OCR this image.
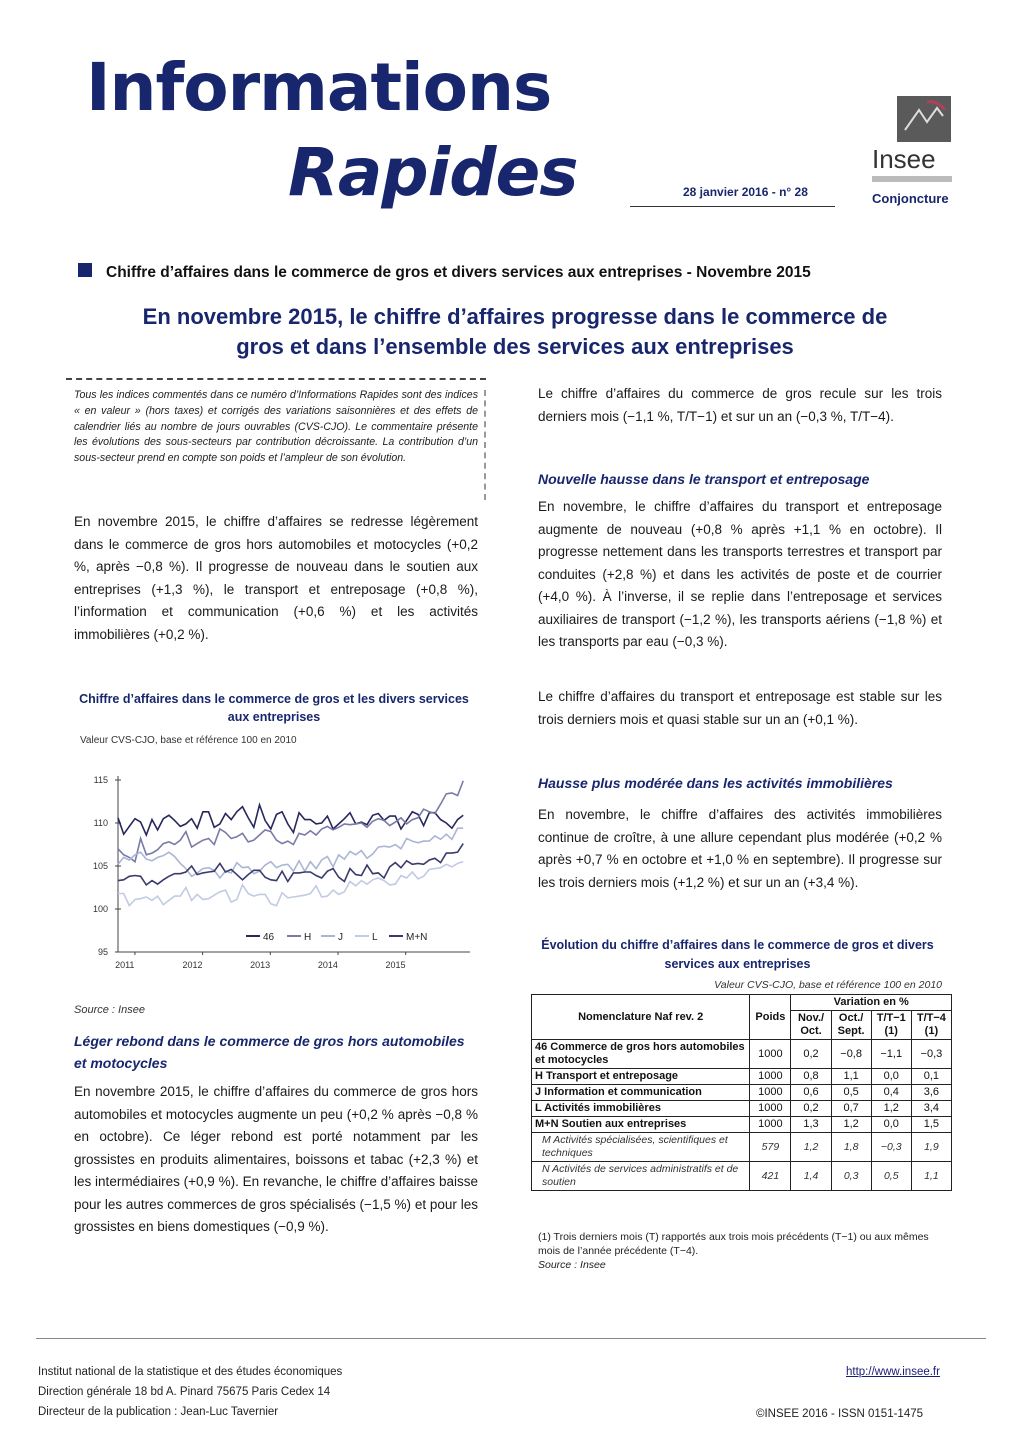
Informations
Rapides	28 janvier 2016 - n° 28
Insee
Conjoncture
Chiffre d’affaires dans le commerce de gros et divers services aux entreprises - Novembre 2015
En novembre 2015, le chiffre d’affaires progresse dans le commerce de
gros et dans l’ensemble des services aux entreprises
Tous les indices commentés dans ce numéro d’Informations Rapides sont des indices « en valeur » (hors taxes) et corrigés des variations saisonnières et des effets de calendrier liés au nombre de jours ouvrables (CVS-CJO). Le commentaire présente les évolutions des sous-secteurs par contribution décroissante. La contribution d’un sous-secteur prend en compte son poids et l’ampleur de son évolution.
En novembre 2015, le chiffre d’affaires se redresse légèrement dans le commerce de gros hors automobiles et motocycles (+0,2 %, après −0,8 %). Il progresse de nouveau dans le soutien aux entreprises (+1,3 %), le transport et entreposage (+0,8 %), l’information et communication (+0,6 %) et les activités immobilières (+0,2 %).
Chiffre d’affaires dans le commerce de gros et les divers services aux entreprises
Valeur CVS-CJO, base et référence 100 en 2010
115
110
105
100
95
2011	2012	2013	2014	2015
46	H	J	L	M+N
Source : Insee
Léger rebond dans le commerce de gros hors automobiles et motocycles
En novembre 2015, le chiffre d’affaires du commerce de gros hors automobiles et motocycles augmente un peu (+0,2 % après −0,8 % en octobre). Ce léger rebond est porté notamment par les grossistes en produits alimentaires, boissons et tabac (+2,3 %) et les intermédiaires (+0,9 %). En revanche, le chiffre d’affaires baisse pour les autres commerces de gros spécialisés (−1,5 %) et pour les grossistes en biens domestiques (−0,9 %).
Le chiffre d’affaires du commerce de gros recule sur les trois derniers mois (−1,1 %, T/T−1) et sur un an (−0,3 %, T/T−4).
Nouvelle hausse dans le transport et entreposage
En novembre, le chiffre d’affaires du transport et entreposage augmente de nouveau (+0,8 % après +1,1 % en octobre). Il progresse nettement dans les transports terrestres et transport par conduites (+2,8 %) et dans les activités de poste et de courrier (+4,0 %). À l’inverse, il se replie dans l’entreposage et services auxiliaires de transport (−1,2 %), les transports aériens (−1,8 %) et les transports par eau (−0,3 %).
Le chiffre d’affaires du transport et entreposage est stable sur les trois derniers mois et quasi stable sur un an (+0,1 %).
Hausse plus modérée dans les activités immobilières
En novembre, le chiffre d’affaires des activités immobilières continue de croître, à une allure cependant plus modérée (+0,2 % après +0,7 % en octobre et +1,0 % en septembre). Il progresse sur les trois derniers mois (+1,2 %) et sur un an (+3,4 %).
Évolution du chiffre d’affaires dans le commerce de gros et divers services aux entreprises
Valeur CVS-CJO, base et référence 100 en 2010
Nomenclature Naf rev. 2	Poids	Variation en %			
		Nov./ Oct.	Oct./ Sept.	T/T−1 (1)	T/T−4 (1)
46 Commerce de gros hors automobiles et motocycles	1000	0,2	−0,8	−1,1	−0,3
H Transport et entreposage	1000	0,8	1,1	0,0	0,1
J Information et communication	1000	0,6	0,5	0,4	3,6
L Activités immobilières	1000	0,2	0,7	1,2	3,4
M+N Soutien aux entreprises	1000	1,3	1,2	0,0	1,5
M Activités spécialisées, scientifiques et techniques	579	1,2	1,8	−0,3	1,9
N Activités de services administratifs et de soutien	421	1,4	0,3	0,5	1,1
(1) Trois derniers mois (T) rapportés aux trois mois précédents (T−1) ou aux mêmes mois de l’année précédente (T−4).
Source : Insee
Institut national de la statistique et des études économiques
Direction générale 18 bd A. Pinard 75675 Paris Cedex 14
Directeur de la publication : Jean-Luc Tavernier
http://www.insee.fr
©INSEE 2016 - ISSN 0151-1475
